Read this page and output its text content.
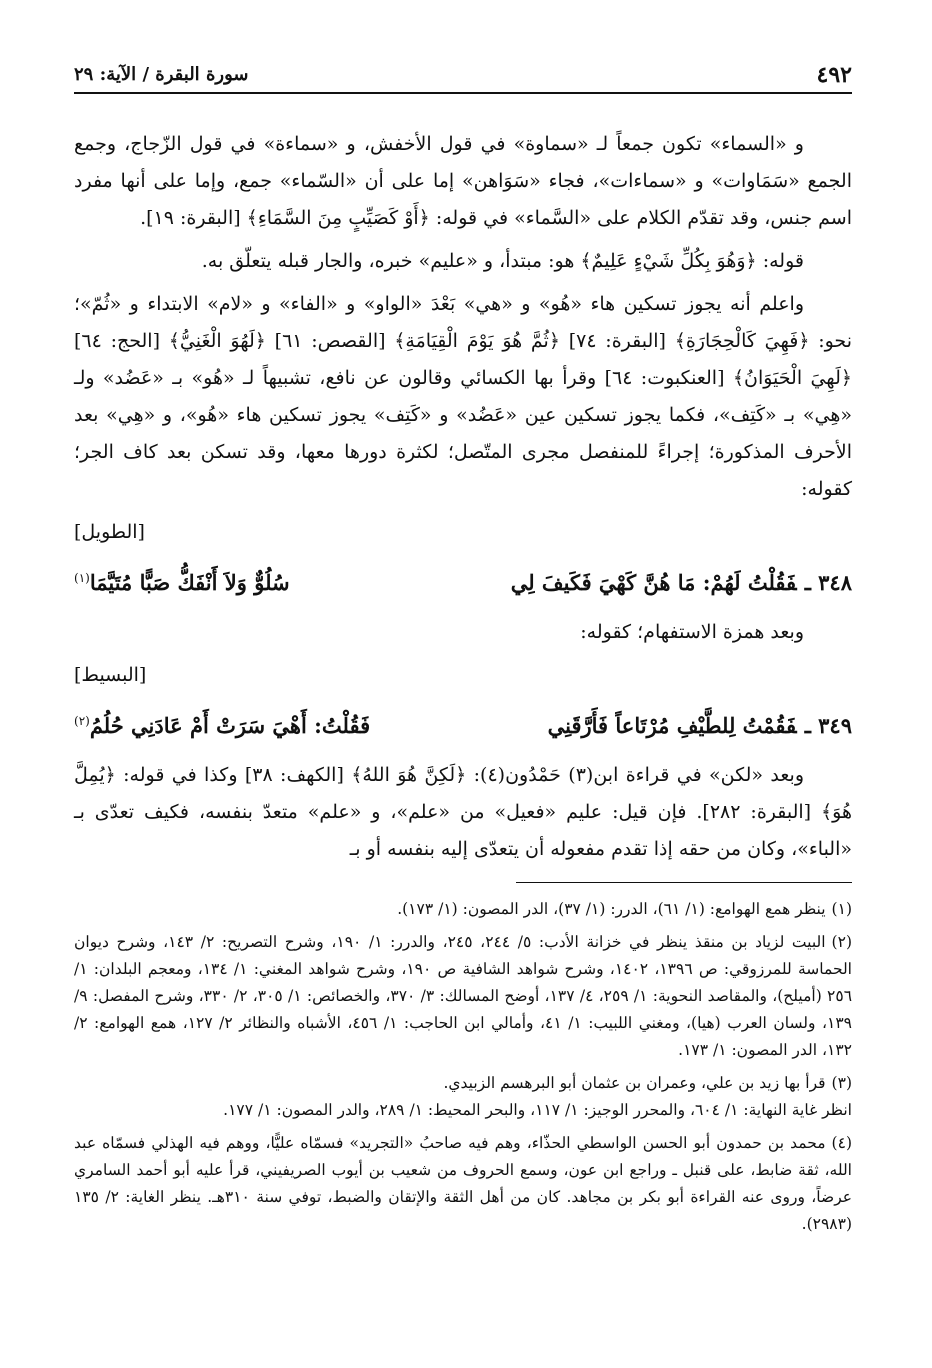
٤٩٢
سورة البقرة / الآية: ٢٩

و «السماء» تكون جمعاً لـ «سماوة» في قول الأخفش، و «سماءة» في قول الزّجاج، وجمع الجمع «سَمَاوات» و «سماءات»، فجاء «سَوَاهن» إما على أن «السّماء» جمع، وإما على أنها مفرد اسم جنس، وقد تقدّم الكلام على «السَّماء» في قوله: ﴿أَوْ كَصَيِّبٍ مِنَ السَّمَاءِ﴾ [البقرة: ١٩].

قوله: ﴿وَهُوَ بِكُلِّ شَيْءٍ عَلِيمٌ﴾ هو: مبتدأ، و «عليم» خبره، والجار قبله يتعلّق به.

واعلم أنه يجوز تسكين هاء «هُو» و «هي» بَعْدَ «الواو» و «الفاء» و «لام» الابتداء و «ثُمّ»؛ نحو: ﴿فَهِيَ كَالْحِجَارَةِ﴾ [البقرة: ٧٤] ﴿ثُمَّ هُوَ يَوْمَ الْقِيَامَةِ﴾ [القصص: ٦١] ﴿لَهُوَ الْغَنِيُّ﴾ [الحج: ٦٤] ﴿لَهِيَ الْحَيَوَانُ﴾ [العنكبوت: ٦٤] وقرأ بها الكسائي وقالون عن نافع، تشبيهاً لـ «هُو» بـ «عَضُد» ولـ «هِي» بـ «كَتِف»، فكما يجوز تسكين عين «عَضُد» و «كَتِف» يجوز تسكين هاء «هُو»، و «هِي» بعد الأحرف المذكورة؛ إجراءً للمنفصل مجرى المتّصل؛ لكثرة دورها معها، وقد تسكن بعد كاف الجر؛ كقوله:

[الطويل]
٣٤٨ ـفَقُلْتُ لَهُمْ: مَا هُنَّ كَهْيَ فَكَيفَ لِي
سُلُوٌّ وَلاَ أَنْفَكُّ صَبًّا مُتَيَّمَا$^{(١)}$

وبعد همزة الاستفهام؛ كقوله:

[البسيط]
٣٤٩ ـفَقُمْتُ لِلطَّيْفِ مُرْتَاعاً فَأَرَّقَنِي
فَقُلْتُ: أَهْيَ سَرَتْ أَمْ عَادَنِي حُلُمُ$^{(٢)}$

وبعد «لكن» في قراءة ابن(٣) حَمْدُون(٤): ﴿لَكِنَّ هُوَ اللهُ﴾ [الكهف: ٣٨] وكذا في قوله: ﴿يُمِلَّ هُوَ﴾ [البقرة: ٢٨٢]. فإن قيل: عليم «فعيل» من «علم»، و «علم» متعدّ بنفسه، فكيف تعدّى بـ «الباء»، وكان من حقه إذا تقدم مفعوله أن يتعدّى إليه بنفسه أو بـ

(١)ينظر همع الهوامع: (١/ ٦١)، الدرر: (١/ ٣٧)، الدر المصون: (١/ ١٧٣).

(٢)البيت لزياد بن منقذ ينظر في خزانة الأدب: ٥/ ٢٤٤، ٢٤٥، والدرر: ١/ ١٩٠، وشرح التصريح: ٢/ ١٤٣، وشرح ديوان الحماسة للمرزوقي: ص ١٣٩٦، ١٤٠٢، وشرح شواهد الشافية ص ١٩٠، وشرح شواهد المغني: ١/ ١٣٤، ومعجم البلدان: ١/ ٢٥٦ (أميلح)، والمقاصد النحوية: ١/ ٢٥٩، ٤/ ١٣٧، أوضح المسالك: ٣/ ٣٧٠، والخصائص: ١/ ٣٠٥، ٢/ ٣٣٠، وشرح المفصل: ٩/ ١٣٩، ولسان العرب (هيا)، ومغني اللبيب: ١/ ٤١، وأمالي ابن الحاجب: ١/ ٤٥٦، الأشباه والنظائر ٢/ ١٢٧، همع الهوامع: ٢/ ١٣٢، الدر المصون: ١/ ١٧٣.

(٣)قرأ بها زيد بن علي، وعمران بن عثمان أبو البرهسم الزبيدي.
انظر غاية النهاية: ١/ ٦٠٤، والمحرر الوجيز: ١/ ١١٧، والبحر المحيط: ١/ ٢٨٩، والدر المصون: ١/ ١٧٧.

(٤)محمد بن حمدون أبو الحسن الواسطي الحذّاء، وهم فيه صاحبُ «التجريد» فسمّاه عليًّا، ووهم فيه الهذلي فسمّاه عبد الله، ثقة ضابط، على قنبل ـ وراجع ابن عون، وسمع الحروف من شعيب بن أيوب الصريفيني، قرأ عليه أبو أحمد السامري عرضاً، وروى عنه القراءة أبو بكر بن مجاهد. كان من أهل الثقة والإتقان والضبط، توفي سنة ٣١٠هـ. ينظر الغاية: ٢/ ١٣٥ (٢٩٨٣).
